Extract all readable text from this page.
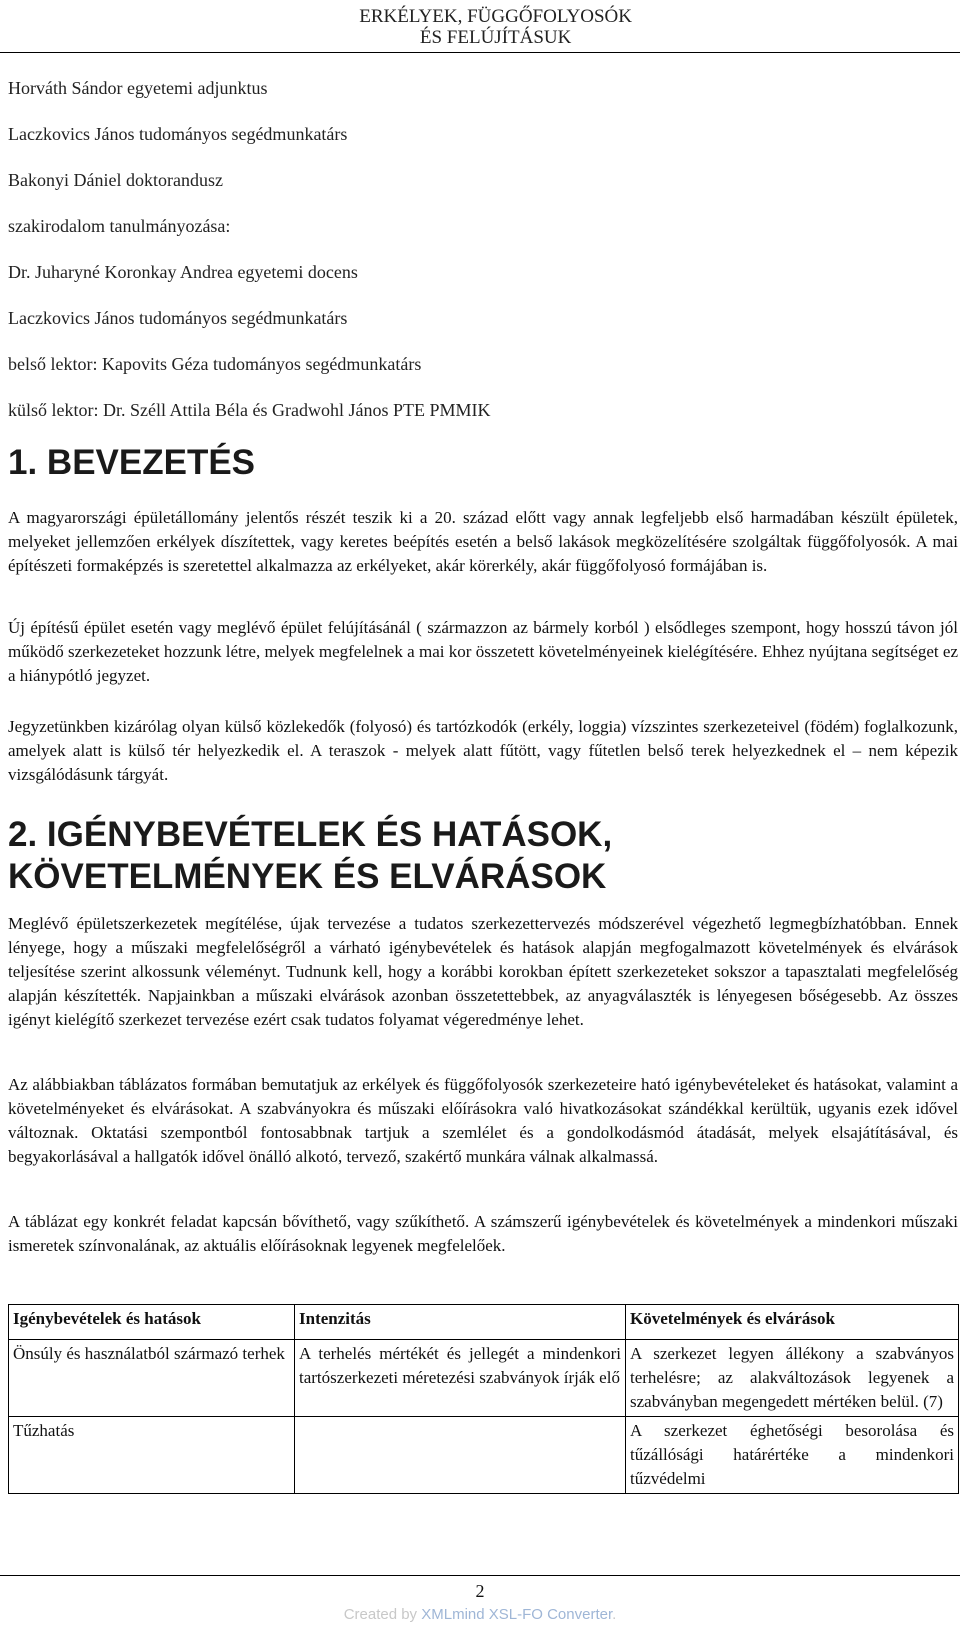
ERKÉLYEK, FÜGGŐFOLYOSÓK
ÉS FELÚJÍTÁSUK
Horváth Sándor egyetemi adjunktus
Laczkovics János tudományos segédmunkatárs
Bakonyi Dániel doktorandusz
szakirodalom tanulmányozása:
Dr. Juharyné Koronkay Andrea egyetemi docens
Laczkovics János tudományos segédmunkatárs
belső lektor: Kapovits Géza tudományos segédmunkatárs
külső lektor: Dr. Széll Attila Béla és Gradwohl János PTE PMMIK
1. BEVEZETÉS

A magyarországi épületállomány jelentős részét teszik ki a 20. század előtt vagy annak legfeljebb első harmadában készült épületek, melyeket jellemzően erkélyek díszítettek, vagy keretes beépítés esetén a belső lakások megközelítésére szolgáltak függőfolyosók. A mai építészeti formaképzés is szeretettel alkalmazza az erkélyeket, akár körerkély, akár függőfolyosó formájában is.

Új építésű épület esetén vagy meglévő épület felújításánál ( származzon az bármely korból ) elsődleges szempont, hogy hosszú távon jól működő szerkezeteket hozzunk létre, melyek megfelelnek a mai kor összetett követelményeinek kielégítésére. Ehhez nyújtana segítséget ez a hiánypótló jegyzet.

Jegyzetünkben kizárólag olyan külső közlekedők (folyosó) és tartózkodók (erkély, loggia) vízszintes szerkezeteivel (födém) foglalkozunk, amelyek alatt is külső tér helyezkedik el. A teraszok - melyek alatt fűtött, vagy fűtetlen belső terek helyezkednek el – nem képezik vizsgálódásunk tárgyát.

2. IGÉNYBEVÉTELEK ÉS HATÁSOK,
KÖVETELMÉNYEK ÉS ELVÁRÁSOK

Meglévő épületszerkezetek megítélése, újak tervezése a tudatos szerkezettervezés módszerével végezhető legmegbízhatóbban. Ennek lényege, hogy a műszaki megfelelőségről a várható igénybevételek és hatások alapján megfogalmazott követelmények és elvárások teljesítése szerint alkossunk véleményt. Tudnunk kell, hogy a korábbi korokban épített szerkezeteket sokszor a tapasztalati megfelelőség alapján készítették. Napjainkban a műszaki elvárások azonban összetettebbek, az anyagválaszték is lényegesen bőségesebb. Az összes igényt kielégítő szerkezet tervezése ezért csak tudatos folyamat végeredménye lehet.

Az alábbiakban táblázatos formában bemutatjuk az erkélyek és függőfolyosók szerkezeteire ható igénybevételeket és hatásokat, valamint a követelményeket és elvárásokat. A szabványokra és műszaki előírásokra való hivatkozásokat szándékkal kerültük, ugyanis ezek idővel változnak. Oktatási szempontból fontosabbnak tartjuk a szemlélet és a gondolkodásmód átadását, melyek elsajátításával, és begyakorlásával a hallgatók idővel önálló alkotó, tervező, szakértő munkára válnak alkalmassá.

A táblázat egy konkrét feladat kapcsán bővíthető, vagy szűkíthető. A számszerű igénybevételek és követelmények a mindenkori műszaki ismeretek színvonalának, az aktuális előírásoknak legyenek megfelelőek.

Igénybevételek és hatások	Intenzitás	Követelmények és elvárások
Önsúly és használatból származó terhek	A terhelés mértékét és jellegét a mindenkori tartószerkezeti méretezési szabványok írják elő	A szerkezet legyen állékony a szabványos terhelésre; az alakváltozások legyenek a szabványban megengedett mértéken belül. (7)
Tűzhatás		A szerkezet éghetőségi besorolása és tűzállósági határértéke a mindenkori tűzvédelmi
2
Created by XMLmind XSL-FO Converter.
